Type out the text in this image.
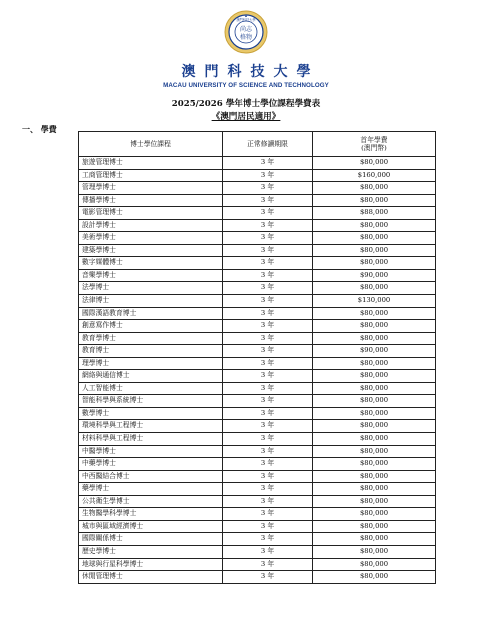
尚志
格物
澳門科技大學
澳門科技大學
MACAU UNIVERSITY OF SCIENCE AND TECHNOLOGY
2025/2026 學年博士學位課程學費表
《澳門居民適用》
一、 學費
博士學位課程	正常修讀期限	首年學費
(澳門幣)

旅遊管理博士	3 年	$80,000
工商管理博士	3 年	$160,000
管理學博士	3 年	$80,000
傳播學博士	3 年	$80,000
電影管理博士	3 年	$88,000
設計學博士	3 年	$80,000
美術學博士	3 年	$80,000
建築學博士	3 年	$80,000
數字媒體博士	3 年	$80,000
音樂學博士	3 年	$90,000
法學博士	3 年	$80,000
法律博士	3 年	$130,000
國際漢語教育博士	3 年	$80,000
創意寫作博士	3 年	$80,000
教育學博士	3 年	$80,000
教育博士	3 年	$90,000
理學博士	3 年	$80,000
網絡與通信博士	3 年	$80,000
人工智能博士	3 年	$80,000
智能科學與系統博士	3 年	$80,000
數學博士	3 年	$80,000
環境科學與工程博士	3 年	$80,000
材料科學與工程博士	3 年	$80,000
中醫學博士	3 年	$80,000
中藥學博士	3 年	$80,000
中西醫結合博士	3 年	$80,000
藥學博士	3 年	$80,000
公共衛生學博士	3 年	$80,000
生物醫學科學博士	3 年	$80,000
城市與區域經濟博士	3 年	$80,000
國際關係博士	3 年	$80,000
歷史學博士	3 年	$80,000
地球與行星科學博士	3 年	$80,000
休閒管理博士	3 年	$80,000
